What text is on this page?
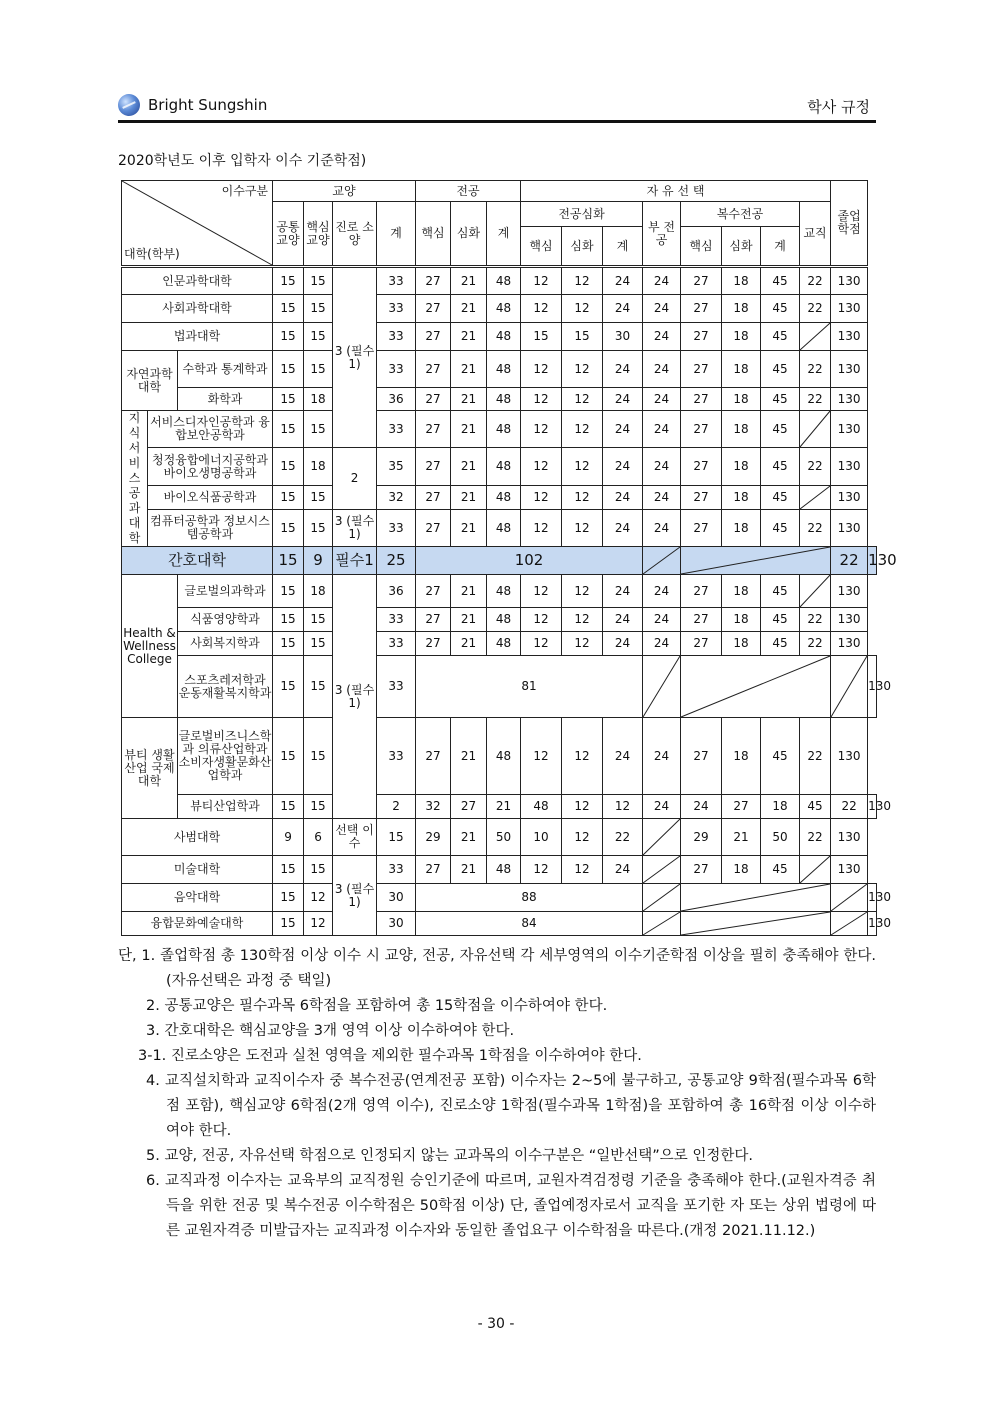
Bright Sungshin	학사 규정
2020학년도 이후 입학자 이수 기준학점)
이수구분
대학(학부)			교양				전공			자 유 선 택								졸업 학점	
			공통 교양	핵심 교양	진로 소양	계	핵심	심화	계	전공심화			부 전공	복수전공			교직		
										핵심	심화	계		핵심	심화	계			
인문과학대학			15	15	3 (필수1)	33	27	21	48	12	12	24	24	27	18	45	22	130	
사회과학대학			15	15		33	27	21	48	12	12	24	24	27	18	45	22	130	
법과대학			15	15		33	27	21	48	15	15	30	24	27	18	45		130	
자연과학대학		수학과 통계학과	15	15		33	27	21	48	12	12	24	24	27	18	45	22	130	
		화학과	15	18		36	27	21	48	12	12	24	24	27	18	45	22	130	

지식서비스공과대학	서비스디자인공학과 융합보안공학과		15	15		33	27	21	48	12	12	24	24	27	18	45		130	
	청정융합에너지공학과 바이오생명공학과		15	18	2	35	27	21	48	12	12	24	24	27	18	45	22	130	
	바이오식품공학과		15	15		32	27	21	48	12	12	24	24	27	18	45		130	
	컴퓨터공학과 정보시스템공학과		15	15	3 (필수1)	33	27	21	48	12	12	24	24	27	18	45	22	130	
간호대학			15	9	필수1	25	102											22	130
Health & Wellness College		글로벌의과학과	15	18	3 (필수1)	36	27	21	48	12	12	24	24	27	18	45		130	
		식품영양학과	15	15		33	27	21	48	12	12	24	24	27	18	45	22	130	
		사회복지학과	15	15		33	27	21	48	12	12	24	24	27	18	45	22	130	
		스포츠레저학과 운동재활복지학과	15	15		33	81												130
뷰티 생활산업 국제대학		글로벌비즈니스학과 의류산업학과 소비자생활문화산업학과	15	15		33	27	21	48	12	12	24	24	27	18	45	22	130	
		뷰티산업학과	15	15		2	32	27	21	48	12	12	24	24	27	18	45	22	130
사범대학			9	6	선택 이수	15	29	21	50	10	12	22		29	21	50	22	130	
미술대학			15	15	3 (필수1)	33	27	21	48	12	12	24		27	18	45		130	
음악대학			15	12		30	88												130
융합문화예술대학			15	12		30	84												130
단, 1. 졸업학점 총 130학점 이상 이수 시 교양, 전공, 자유선택 각 세부영역의 이수기준학점 이상을 필히 충족해야 한다. (자유선택은 과정 중 택일)
2. 공통교양은 필수과목 6학점을 포함하여 총 15학점을 이수하여야 한다.
3. 간호대학은 핵심교양을 3개 영역 이상 이수하여야 한다.
3-1. 진로소양은 도전과 실천 영역을 제외한 필수과목 1학점을 이수하여야 한다.
4. 교직설치학과 교직이수자 중 복수전공(연계전공 포함) 이수자는 2~5에 불구하고, 공통교양 9학점(필수과목 6학점 포함), 핵심교양 6학점(2개 영역 이수), 진로소양 1학점(필수과목 1학점)을 포함하여 총 16학점 이상 이수하여야 한다.
5. 교양, 전공, 자유선택 학점으로 인정되지 않는 교과목의 이수구분은 “일반선택”으로 인정한다.
6. 교직과정 이수자는 교육부의 교직정원 승인기준에 따르며, 교원자격검정령 기준을 충족해야 한다.(교원자격증 취득을 위한 전공 및 복수전공 이수학점은 50학점 이상) 단, 졸업예정자로서 교직을 포기한 자 또는 상위 법령에 따른 교원자격증 미발급자는 교직과정 이수자와 동일한 졸업요구 이수학점을 따른다.(개정 2021.11.12.)
- 30 -
